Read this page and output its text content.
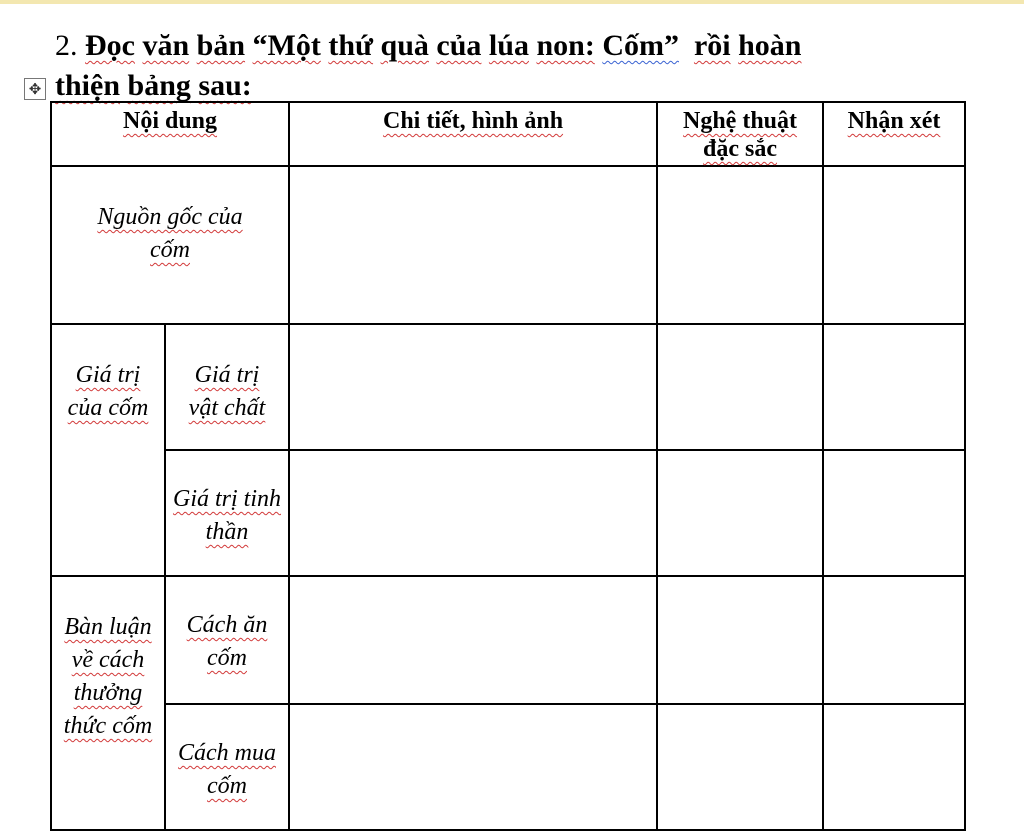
2. Đọc văn bản “Một thứ quà của lúa non: Cốm” rồi hoàn
thiện bảng sau:
✥
Nội dung		Chi tiết, hình ảnh	Nghệ thuật đặc sắc	Nhận xét
Nguồn gốc của cốm				
Giá trị của cốm	Giá trị vật chất			
	Giá trị tinh thần			
Bàn luận về cách thưởng thức cốm	Cách ăn cốm			
	Cách mua cốm			
